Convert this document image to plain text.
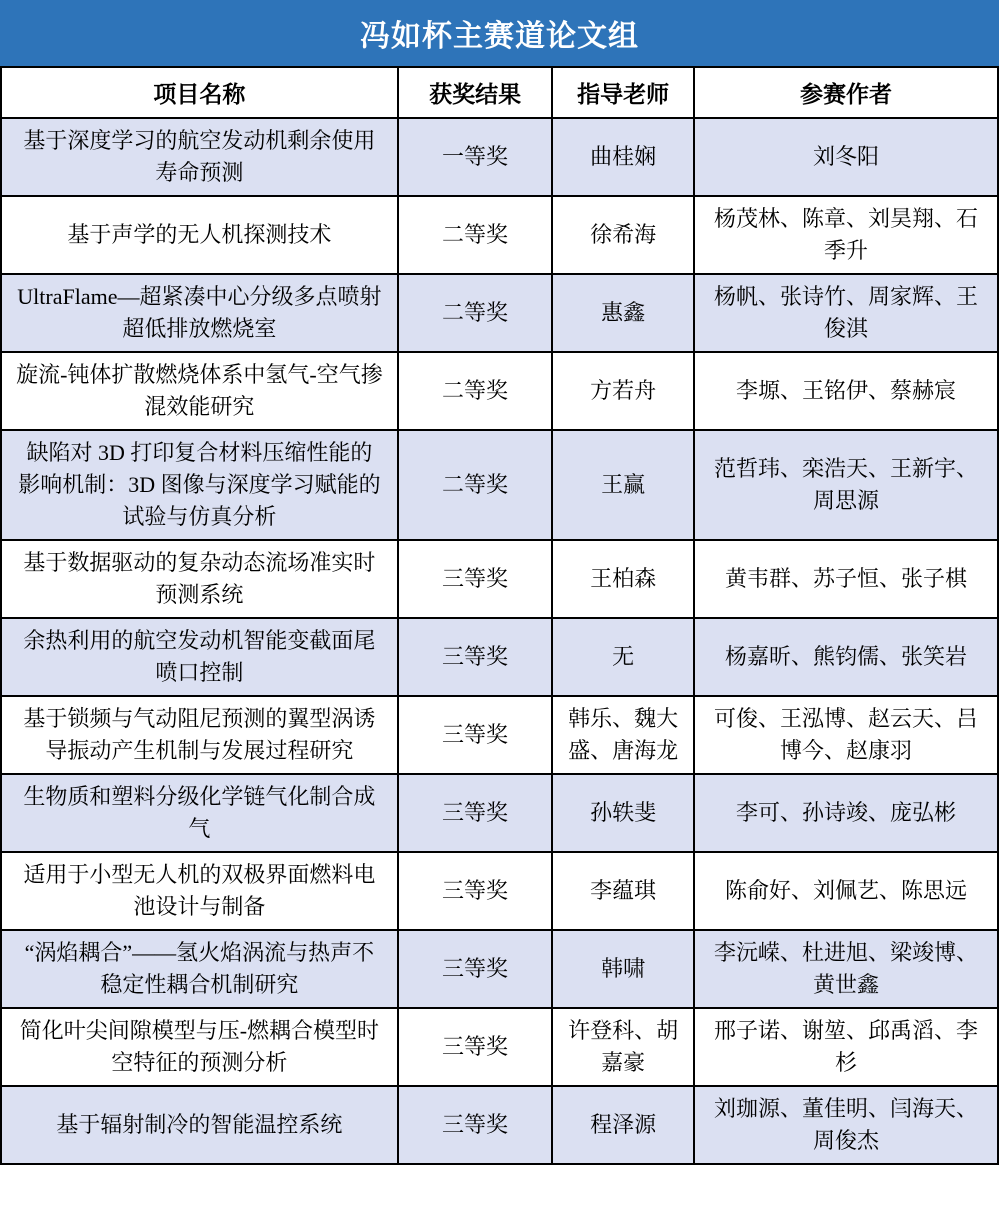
冯如杯主赛道论文组
项目名称	获奖结果	指导老师	参赛作者
基于深度学习的航空发动机剩余使用寿命预测	一等奖	曲桂娴	刘冬阳
基于声学的无人机探测技术	二等奖	徐希海	杨茂林、陈章、刘昊翔、石季升
UltraFlame—超紧凑中心分级多点喷射超低排放燃烧室	二等奖	惠鑫	杨帆、张诗竹、周家辉、王俊淇
旋流-钝体扩散燃烧体系中氢气-空气掺混效能研究	二等奖	方若舟	李塬、王铭伊、蔡赫宸
缺陷对 3D 打印复合材料压缩性能的影响机制：3D 图像与深度学习赋能的试验与仿真分析	二等奖	王赢	范哲玮、栾浩天、王新宇、周思源
基于数据驱动的复杂动态流场准实时预测系统	三等奖	王柏森	黄韦群、苏子恒、张子棋
余热利用的航空发动机智能变截面尾喷口控制	三等奖	无	杨嘉昕、熊钧儒、张笑岩
基于锁频与气动阻尼预测的翼型涡诱导振动产生机制与发展过程研究	三等奖	韩乐、魏大盛、唐海龙	可俊、王泓博、赵云天、吕博今、赵康羽
生物质和塑料分级化学链气化制合成气	三等奖	孙轶斐	李可、孙诗竣、庞弘彬
适用于小型无人机的双极界面燃料电池设计与制备	三等奖	李蕴琪	陈俞好、刘佩艺、陈思远
“涡焰耦合”——氢火焰涡流与热声不稳定性耦合机制研究	三等奖	韩啸	李沅嵘、杜进旭、梁竣博、黄世鑫
简化叶尖间隙模型与压-燃耦合模型时空特征的预测分析	三等奖	许登科、胡嘉豪	邢子诺、谢堃、邱禹滔、李杉
基于辐射制冷的智能温控系统	三等奖	程泽源	刘珈源、董佳明、闫海天、周俊杰
